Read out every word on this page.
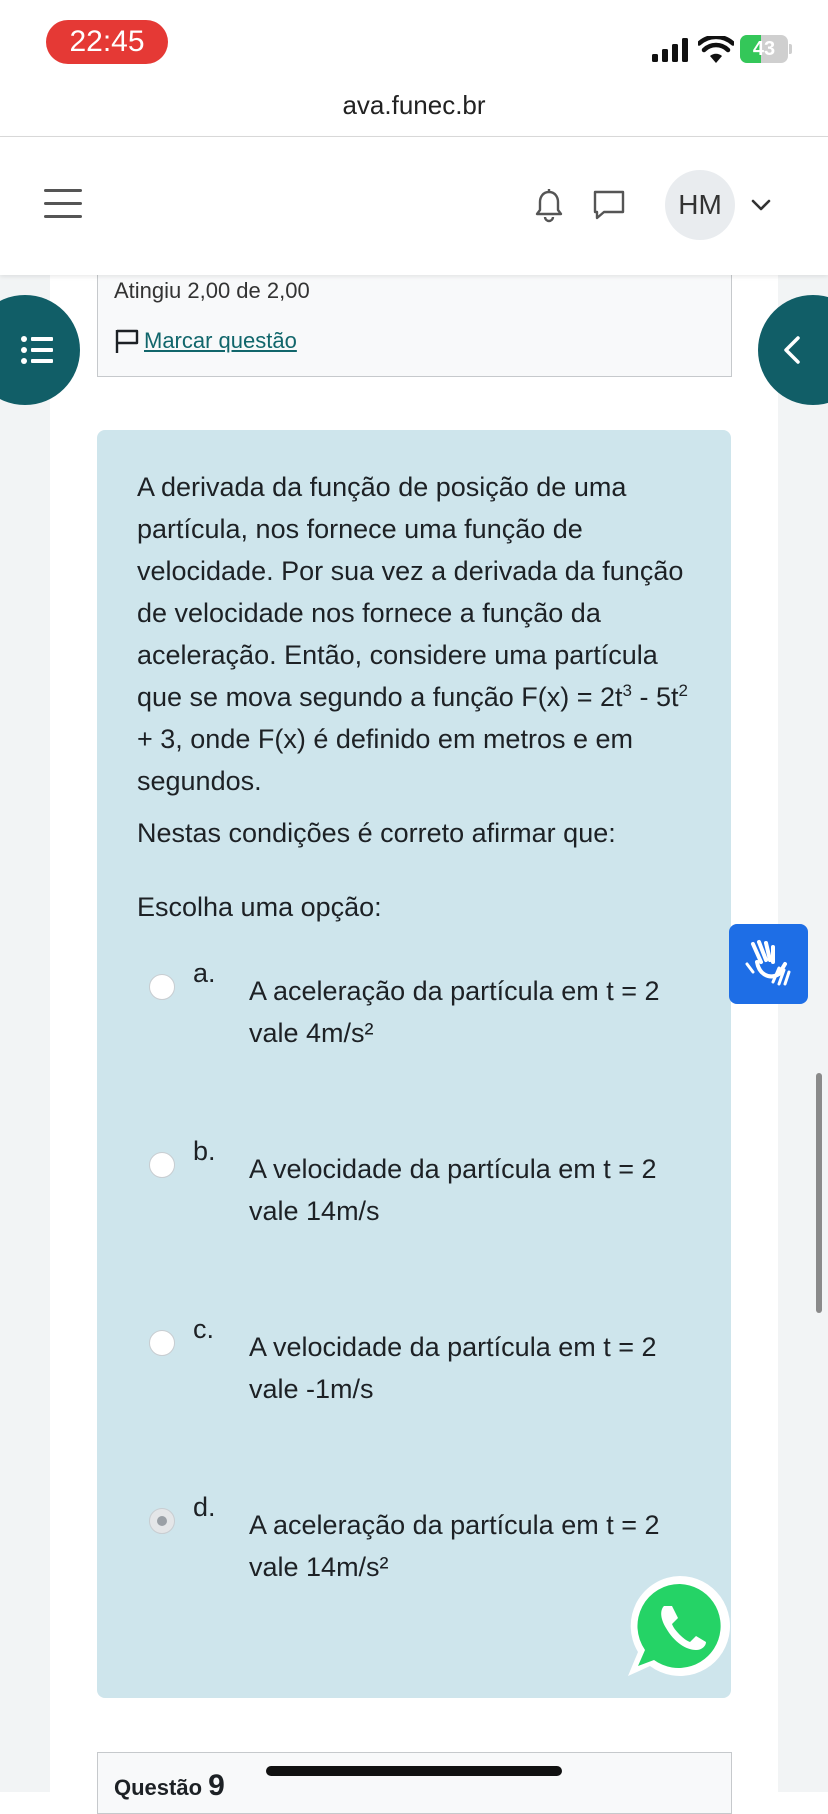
22:45	43
ava.funec.br
HM
Atingiu 2,00 de 2,00
Marcar questão
A derivada da função de posição de uma partícula, nos fornece uma função de velocidade. Por sua vez a derivada da função de velocidade nos fornece a função da aceleração. Então, considere uma partícula que se mova segundo a função $F(x) = 2t^3 - 5t^2 + 3$, onde F(x) é definido em metros e em segundos.
Nestas condições é correto afirmar que:
Escolha uma opção:
a.
A aceleração da partícula em t = 2 vale 4m/s²
b.
A velocidade da partícula em t = 2 vale 14m/s
c.
A velocidade da partícula em t = 2 vale -1m/s
d.
A aceleração da partícula em t = 2 vale 14m/s²
Questão 9
